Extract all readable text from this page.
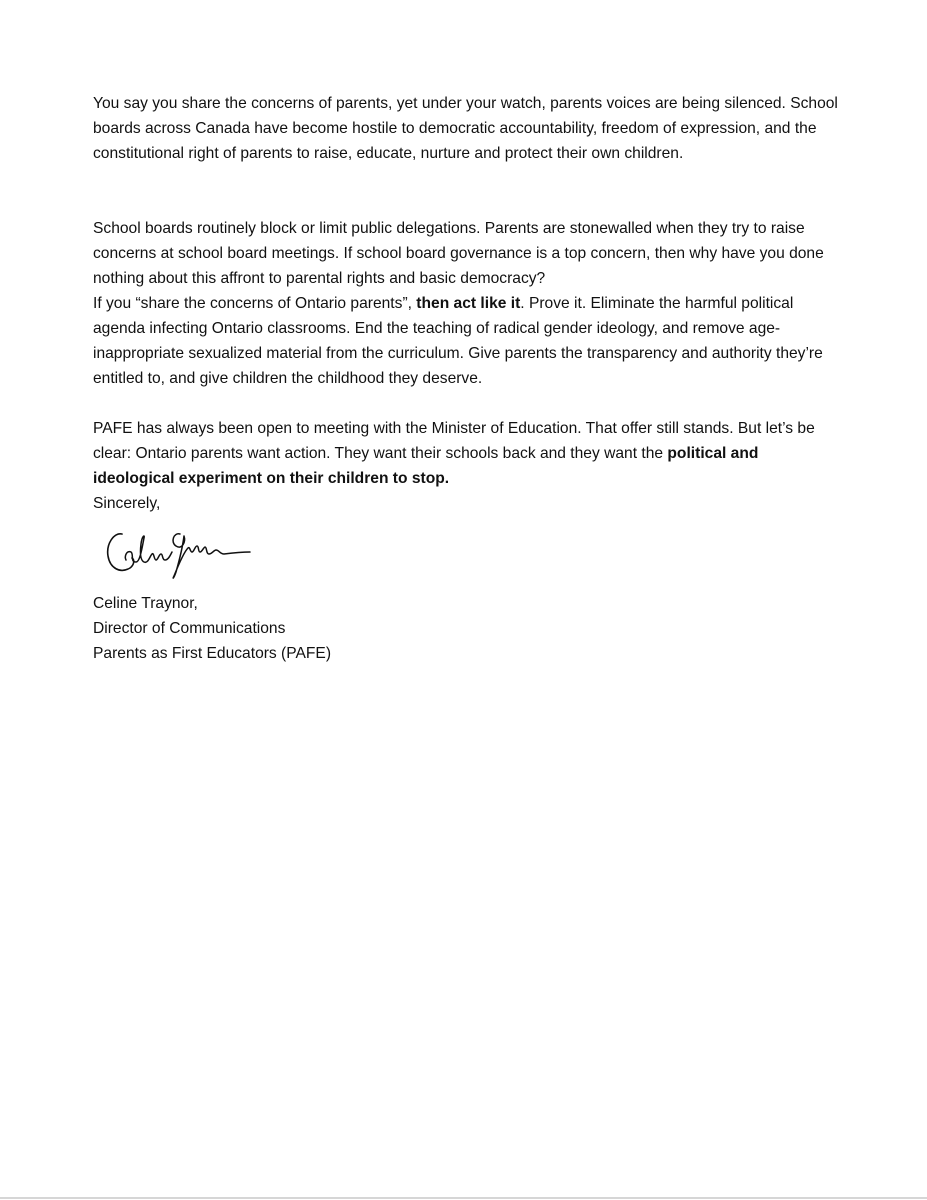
You say you share the concerns of parents, yet under your watch, parents voices are being silenced. School boards across Canada have become hostile to democratic accountability, freedom of expression, and the constitutional right of parents to raise, educate, nurture and protect their own children.
School boards routinely block or limit public delegations. Parents are stonewalled when they try to raise concerns at school board meetings. If school board governance is a top concern, then why have you done nothing about this affront to parental rights and basic democracy?
If you “share the concerns of Ontario parents”, then act like it. Prove it. Eliminate the harmful political agenda infecting Ontario classrooms. End the teaching of radical gender ideology, and remove age-inappropriate sexualized material from the curriculum. Give parents the transparency and authority they’re entitled to, and give children the childhood they deserve.
PAFE has always been open to meeting with the Minister of Education. That offer still stands. But let’s be clear: Ontario parents want action. They want their schools back and they want the political and ideological experiment on their children to stop.
Sincerely,
Celine Traynor,
Director of Communications
Parents as First Educators (PAFE)
